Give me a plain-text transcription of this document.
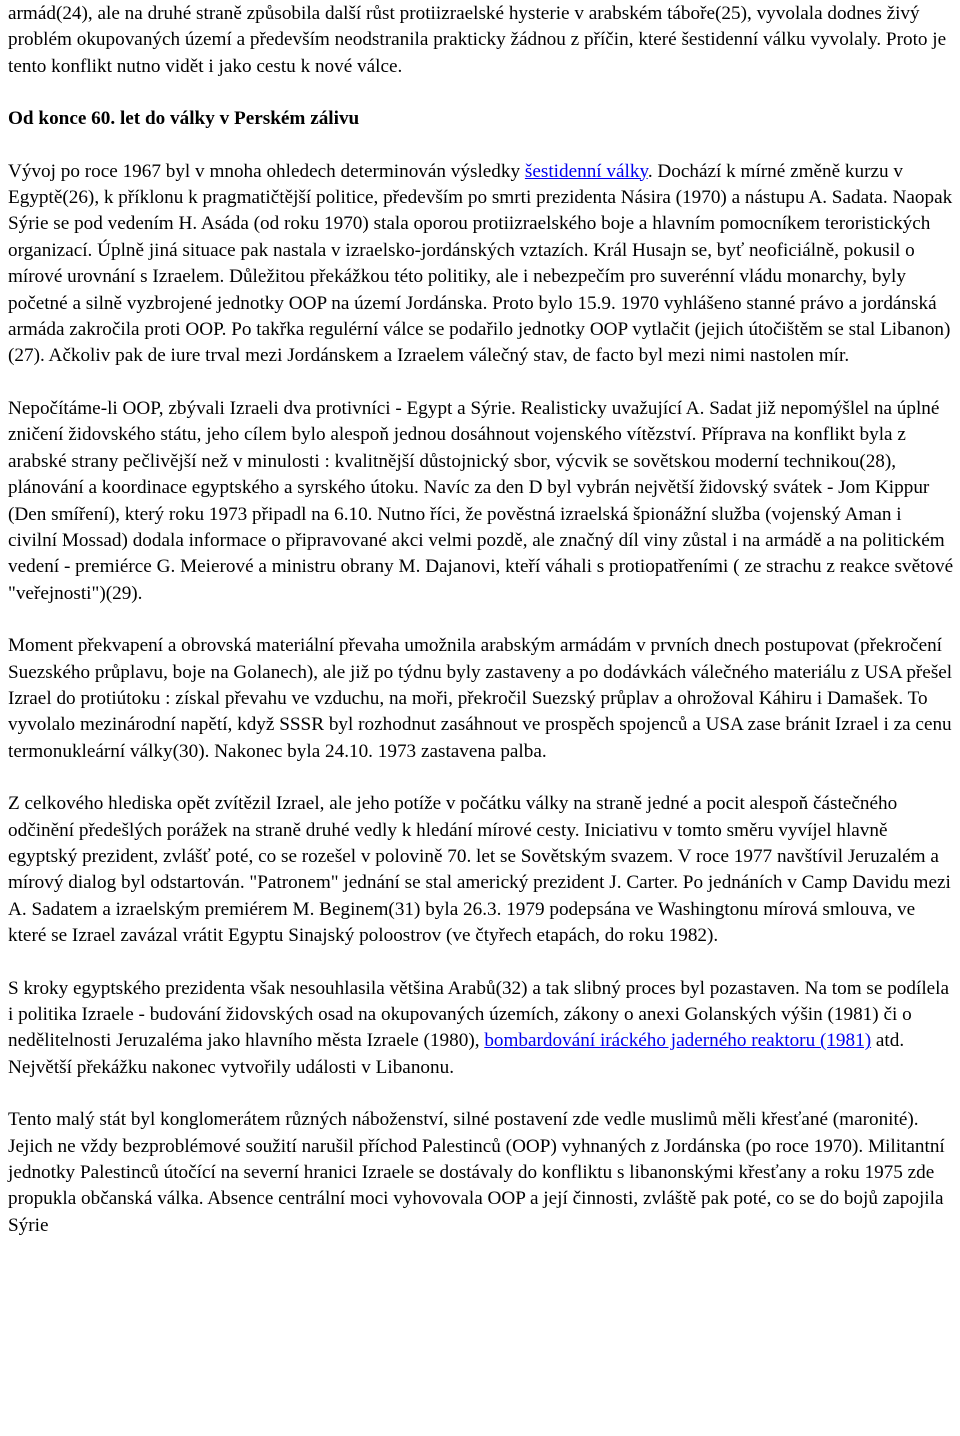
armád(24), ale na druhé straně způsobila další růst protiizraelské hysterie v arabském táboře(25), vyvolala dodnes živý problém okupovaných území a především neodstranila prakticky žádnou z příčin, které šestidenní válku vyvolaly. Proto je tento konflikt nutno vidět i jako cestu k nové válce.

Od konce 60. let do války v Perském zálivu

Vývoj po roce 1967 byl v mnoha ohledech determinován výsledky šestidenní války. Dochází k mírné změně kurzu v Egyptě(26), k příklonu k pragmatičtější politice, především po smrti prezidenta Násira (1970) a nástupu A. Sadata. Naopak Sýrie se pod vedením H. Asáda (od roku 1970) stala oporou protiizraelského boje a hlavním pomocníkem teroristických organizací. Úplně jiná situace pak nastala v izraelsko-jordánských vztazích. Král Husajn se, byť neoficiálně, pokusil o mírové urovnání s Izraelem. Důležitou překážkou této politiky, ale i nebezpečím pro suverénní vládu monarchy, byly početné a silně vyzbrojené jednotky OOP na území Jordánska. Proto bylo 15.9. 1970 vyhlášeno stanné právo a jordánská armáda zakročila proti OOP. Po takřka regulérní válce se podařilo jednotky OOP vytlačit (jejich útočištěm se stal Libanon)(27). Ačkoliv pak de iure trval mezi Jordánskem a Izraelem válečný stav, de facto byl mezi nimi nastolen mír.

Nepočítáme-li OOP, zbývali Izraeli dva protivníci - Egypt a Sýrie. Realisticky uvažující A. Sadat již nepomýšlel na úplné zničení židovského státu, jeho cílem bylo alespoň jednou dosáhnout vojenského vítězství. Příprava na konflikt byla z arabské strany pečlivější než v minulosti : kvalitnější důstojnický sbor, výcvik se sovětskou moderní technikou(28), plánování a koordinace egyptského a syrského útoku. Navíc za den D byl vybrán největší židovský svátek - Jom Kippur (Den smíření), který roku 1973 připadl na 6.10. Nutno říci, že pověstná izraelská špionážní služba (vojenský Aman i civilní Mossad) dodala informace o připravované akci velmi pozdě, ale značný díl viny zůstal i na armádě a na politickém vedení - premiérce G. Meierové a ministru obrany M. Dajanovi, kteří váhali s protiopatřeními ( ze strachu z reakce světové "veřejnosti")(29).

Moment překvapení a obrovská materiální převaha umožnila arabským armádám v prvních dnech postupovat (překročení Suezského průplavu, boje na Golanech), ale již po týdnu byly zastaveny a po dodávkách válečného materiálu z USA přešel Izrael do protiútoku : získal převahu ve vzduchu, na moři, překročil Suezský průplav a ohrožoval Káhiru i Damašek. To vyvolalo mezinárodní napětí, když SSSR byl rozhodnut zasáhnout ve prospěch spojenců a USA zase bránit Izrael i za cenu termonukleární války(30). Nakonec byla 24.10. 1973 zastavena palba.

Z celkového hlediska opět zvítězil Izrael, ale jeho potíže v počátku války na straně jedné a pocit alespoň částečného odčinění předešlých porážek na straně druhé vedly k hledání mírové cesty. Iniciativu v tomto směru vyvíjel hlavně egyptský prezident, zvlášť poté, co se rozešel v polovině 70. let se Sovětským svazem. V roce 1977 navštívil Jeruzalém a mírový dialog byl odstartován. "Patronem" jednání se stal americký prezident J. Carter. Po jednáních v Camp Davidu mezi A. Sadatem a izraelským premiérem M. Beginem(31) byla 26.3. 1979 podepsána ve Washingtonu mírová smlouva, ve které se Izrael zavázal vrátit Egyptu Sinajský poloostrov (ve čtyřech etapách, do roku 1982).

S kroky egyptského prezidenta však nesouhlasila většina Arabů(32) a tak slibný proces byl pozastaven. Na tom se podílela i politika Izraele - budování židovských osad na okupovaných územích, zákony o anexi Golanských výšin (1981) či o nedělitelnosti Jeruzaléma jako hlavního města Izraele (1980), bombardování iráckého jaderného reaktoru (1981) atd. Největší překážku nakonec vytvořily události v Libanonu.

Tento malý stát byl konglomerátem různých náboženství, silné postavení zde vedle muslimů měli křesťané (maronité). Jejich ne vždy bezproblémové soužití narušil příchod Palestinců (OOP) vyhnaných z Jordánska (po roce 1970). Militantní jednotky Palestinců útočící na severní hranici Izraele se dostávaly do konfliktu s libanonskými křesťany a roku 1975 zde propukla občanská válka. Absence centrální moci vyhovovala OOP a její činnosti, zvláště pak poté, co se do bojů zapojila Sýrie
